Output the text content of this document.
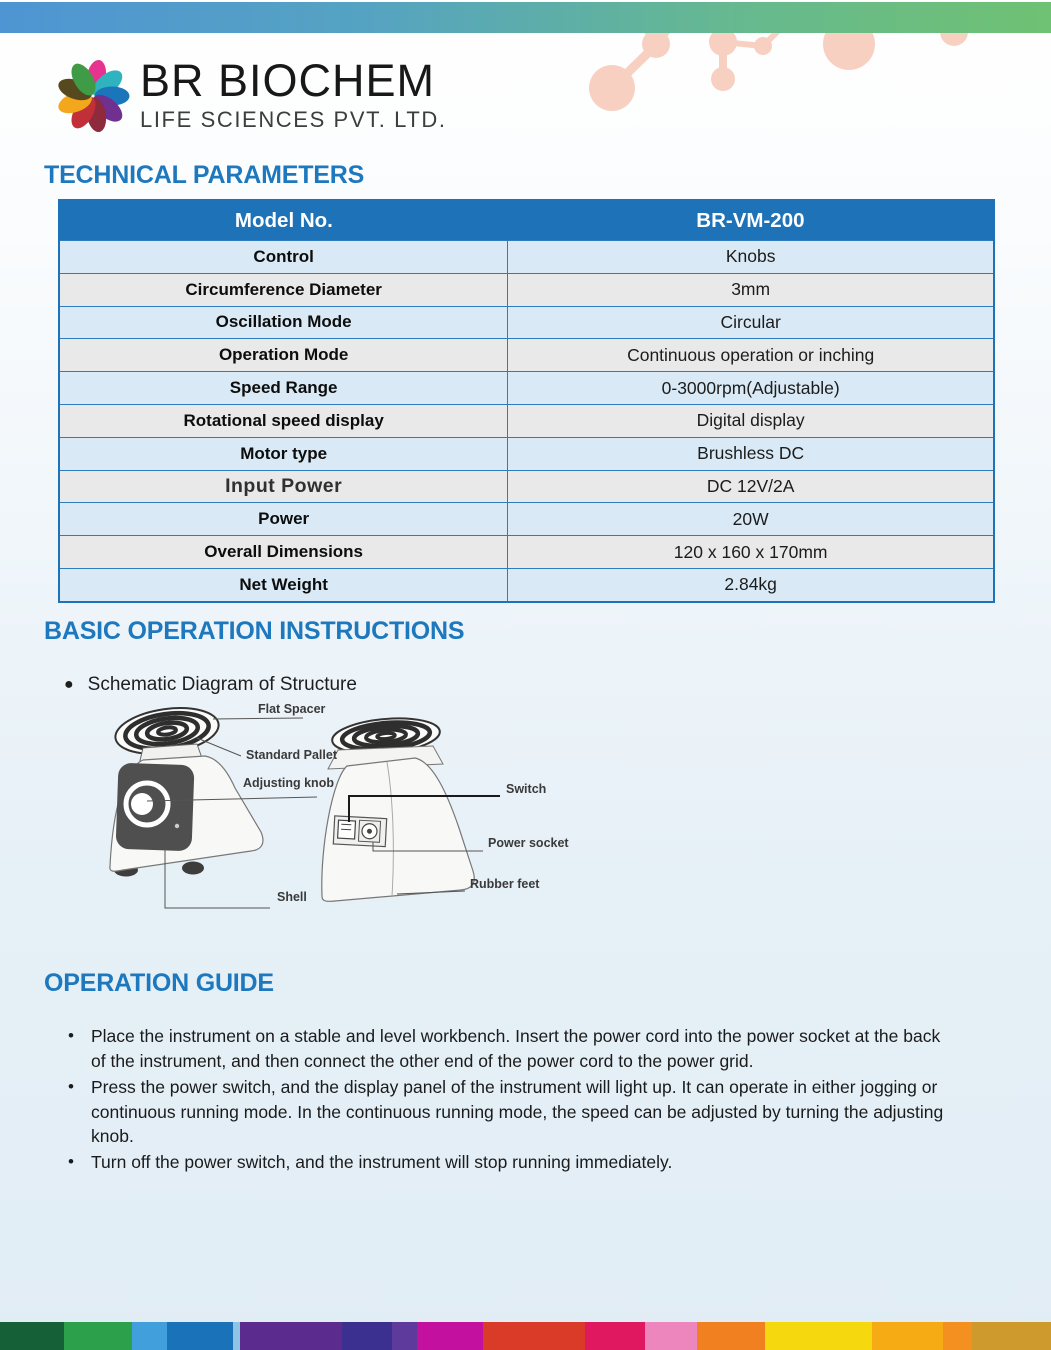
BR BIOCHEM
LIFE SCIENCES PVT. LTD.
TECHNICAL PARAMETERS
Model No.	BR-VM-200
Control	Knobs
Circumference Diameter	3mm
Oscillation Mode	Circular
Operation Mode	Continuous operation or inching
Speed Range	0-3000rpm(Adjustable)
Rotational speed display	Digital display
Motor type	Brushless DC
Input Power	DC 12V/2A
Power	20W
Overall Dimensions	120 x 160 x 170mm
Net Weight	2.84kg
BASIC OPERATION INSTRUCTIONS
● Schematic Diagram of Structure
Flat Spacer
Standard Pallet
Adjusting knob
Shell
Switch
Power socket
Rubber feet
OPERATION GUIDE
• Place the instrument on a stable and level workbench. Insert the power cord into the power socket at the back of the instrument, and then connect the other end of the power cord to the power grid.
• Press the power switch, and the display panel of the instrument will light up. It can operate in either jogging or continuous running mode. In the continuous running mode, the speed can be adjusted by turning the adjusting knob.
• Turn off the power switch, and the instrument will stop running immediately.
